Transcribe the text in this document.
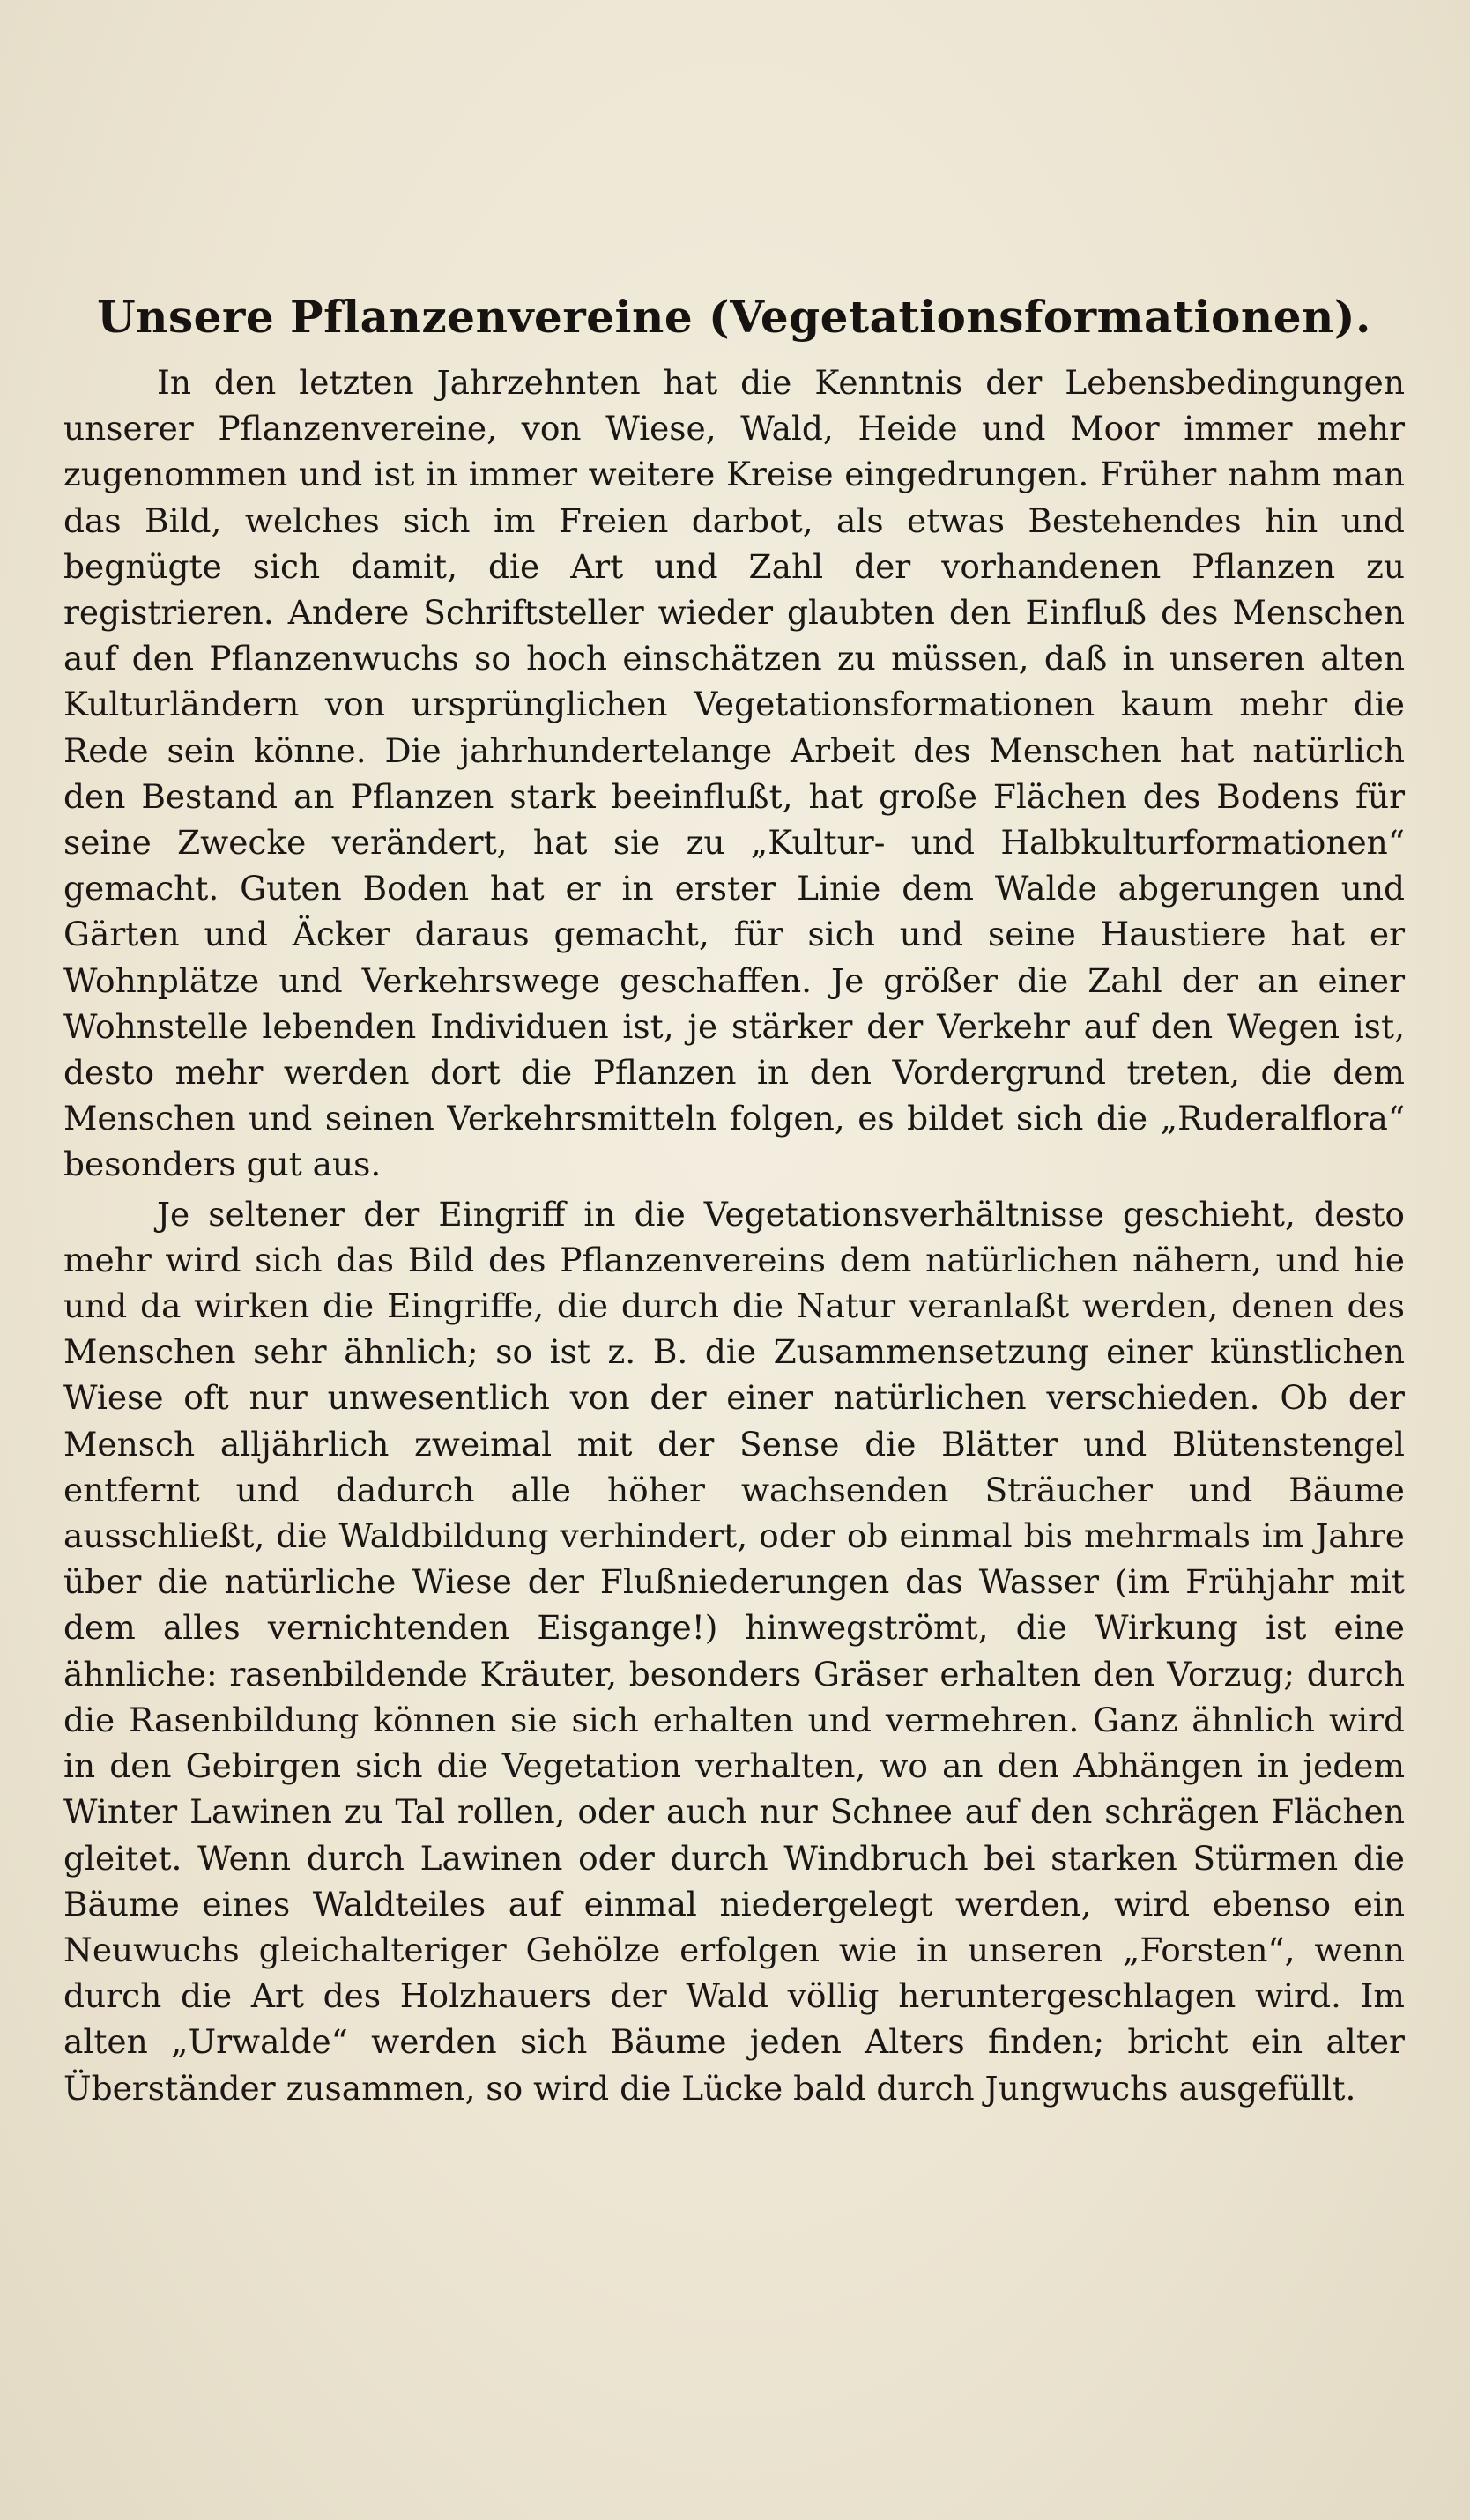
Unsere Pflanzenvereine (Vegetationsformationen).

In den letzten Jahrzehnten hat die Kenntnis der Lebensbedingungen unserer Pflanzenvereine, von Wiese, Wald, Heide und Moor immer mehr zugenommen und ist in immer weitere Kreise eingedrungen. Früher nahm man das Bild, welches sich im Freien darbot, als etwas Bestehendes hin und begnügte sich damit, die Art und Zahl der vorhandenen Pflanzen zu registrieren. Andere Schriftsteller wieder glaubten den Einfluß des Menschen auf den Pflanzenwuchs so hoch einschätzen zu müssen, daß in unseren alten Kulturländern von ursprünglichen Vegetationsformationen kaum mehr die Rede sein könne. Die jahrhundertelange Arbeit des Menschen hat natürlich den Bestand an Pflanzen stark beeinflußt, hat große Flächen des Bodens für seine Zwecke verändert, hat sie zu „Kultur- und Halbkulturformationen“ gemacht. Guten Boden hat er in erster Linie dem Walde abgerungen und Gärten und Äcker daraus gemacht, für sich und seine Haustiere hat er Wohnplätze und Verkehrswege geschaffen. Je größer die Zahl der an einer Wohnstelle lebenden Individuen ist, je stärker der Verkehr auf den Wegen ist, desto mehr werden dort die Pflanzen in den Vordergrund treten, die dem Menschen und seinen Verkehrsmitteln folgen, es bildet sich die „Ruderalflora“ besonders gut aus.

Je seltener der Eingriff in die Vegetationsverhältnisse geschieht, desto mehr wird sich das Bild des Pflanzenvereins dem natürlichen nähern, und hie und da wirken die Eingriffe, die durch die Natur veranlaßt werden, denen des Menschen sehr ähnlich; so ist z. B. die Zusammensetzung einer künstlichen Wiese oft nur unwesentlich von der einer natürlichen verschieden. Ob der Mensch alljährlich zweimal mit der Sense die Blätter und Blütenstengel entfernt und dadurch alle höher wachsenden Sträucher und Bäume ausschließt, die Waldbildung verhindert, oder ob einmal bis mehrmals im Jahre über die natürliche Wiese der Flußniederungen das Wasser (im Frühjahr mit dem alles vernichtenden Eisgange!) hinwegströmt, die Wirkung ist eine ähnliche: rasenbildende Kräuter, besonders Gräser erhalten den Vorzug; durch die Rasenbildung können sie sich erhalten und vermehren. Ganz ähnlich wird in den Gebirgen sich die Vegetation verhalten, wo an den Abhängen in jedem Winter Lawinen zu Tal rollen, oder auch nur Schnee auf den schrägen Flächen gleitet. Wenn durch Lawinen oder durch Windbruch bei starken Stürmen die Bäume eines Waldteiles auf einmal niedergelegt werden, wird ebenso ein Neuwuchs gleichalteriger Gehölze erfolgen wie in unseren „Forsten“, wenn durch die Art des Holzhauers der Wald völlig heruntergeschlagen wird. Im alten „Urwalde“ werden sich Bäume jeden Alters finden; bricht ein alter Überständer zusammen, so wird die Lücke bald durch Jungwuchs ausgefüllt.
